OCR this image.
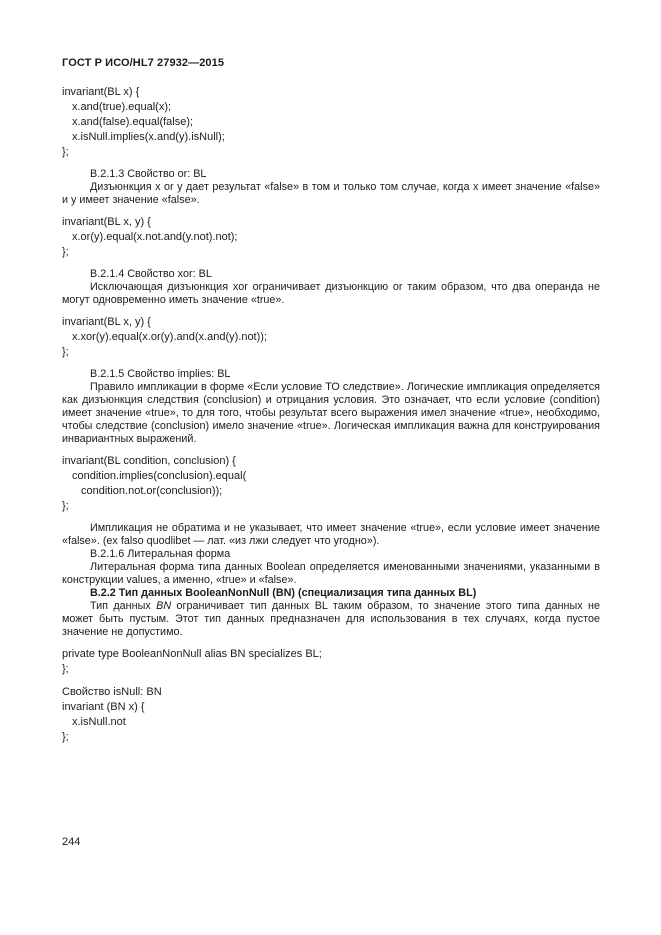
ГОСТ Р ИСО/HL7 27932—2015
invariant(BL x) {
x.and(true).equal(x);
x.and(false).equal(false);
x.isNull.implies(x.and(y).isNull);
};

В.2.1.3 Свойство or: BL

Дизъюнкция x or y дает результат «false» в том и только том случае, когда x имеет значение «false» и y имеет значение «false».

invariant(BL x, y) {
x.or(y).equal(x.not.and(y.not).not);
};

В.2.1.4 Свойство xor: BL

Исключающая дизъюнкция xor ограничивает дизъюнкцию or таким образом, что два операнда не могут одновременно иметь значение «true».

invariant(BL x, y) {
x.xor(y).equal(x.or(y).and(x.and(y).not));
};

В.2.1.5 Свойство implies: BL

Правило импликации в форме «Если условие ТО следствие». Логические импликация определяется как дизъюнкция следствия (conclusion) и отрицания условия. Это означает, что если условие (condition) имеет значение «true», то для того, чтобы результат всего выражения имел значение «true», необходимо, чтобы следствие (conclusion) имело значение «true». Логическая импликация важна для конструирования инвариантных выражений.

invariant(BL condition, conclusion) {
condition.implies(conclusion).equal(
condition.not.or(conclusion));
};

Импликация не обратима и не указывает, что имеет значение «true», если условие имеет значение «false». (ex falso quodlibet — лат. «из лжи следует что угодно»).

В.2.1.6 Литеральная форма

Литеральная форма типа данных Boolean определяется именованными значениями, указанными в конструкции values, а именно, «true» и «false».

В.2.2 Тип данных BooleanNonNull (BN) (специализация типа данных BL)

Тип данных BN ограничивает тип данных BL таким образом, то значение этого типа данных не может быть пустым. Этот тип данных предназначен для использования в тех случаях, когда пустое значение не допустимо.

private type BooleanNonNull alias BN specializes BL;
};
Свойство isNull: BN
invariant (BN x) {
x.isNull.not
};
244
